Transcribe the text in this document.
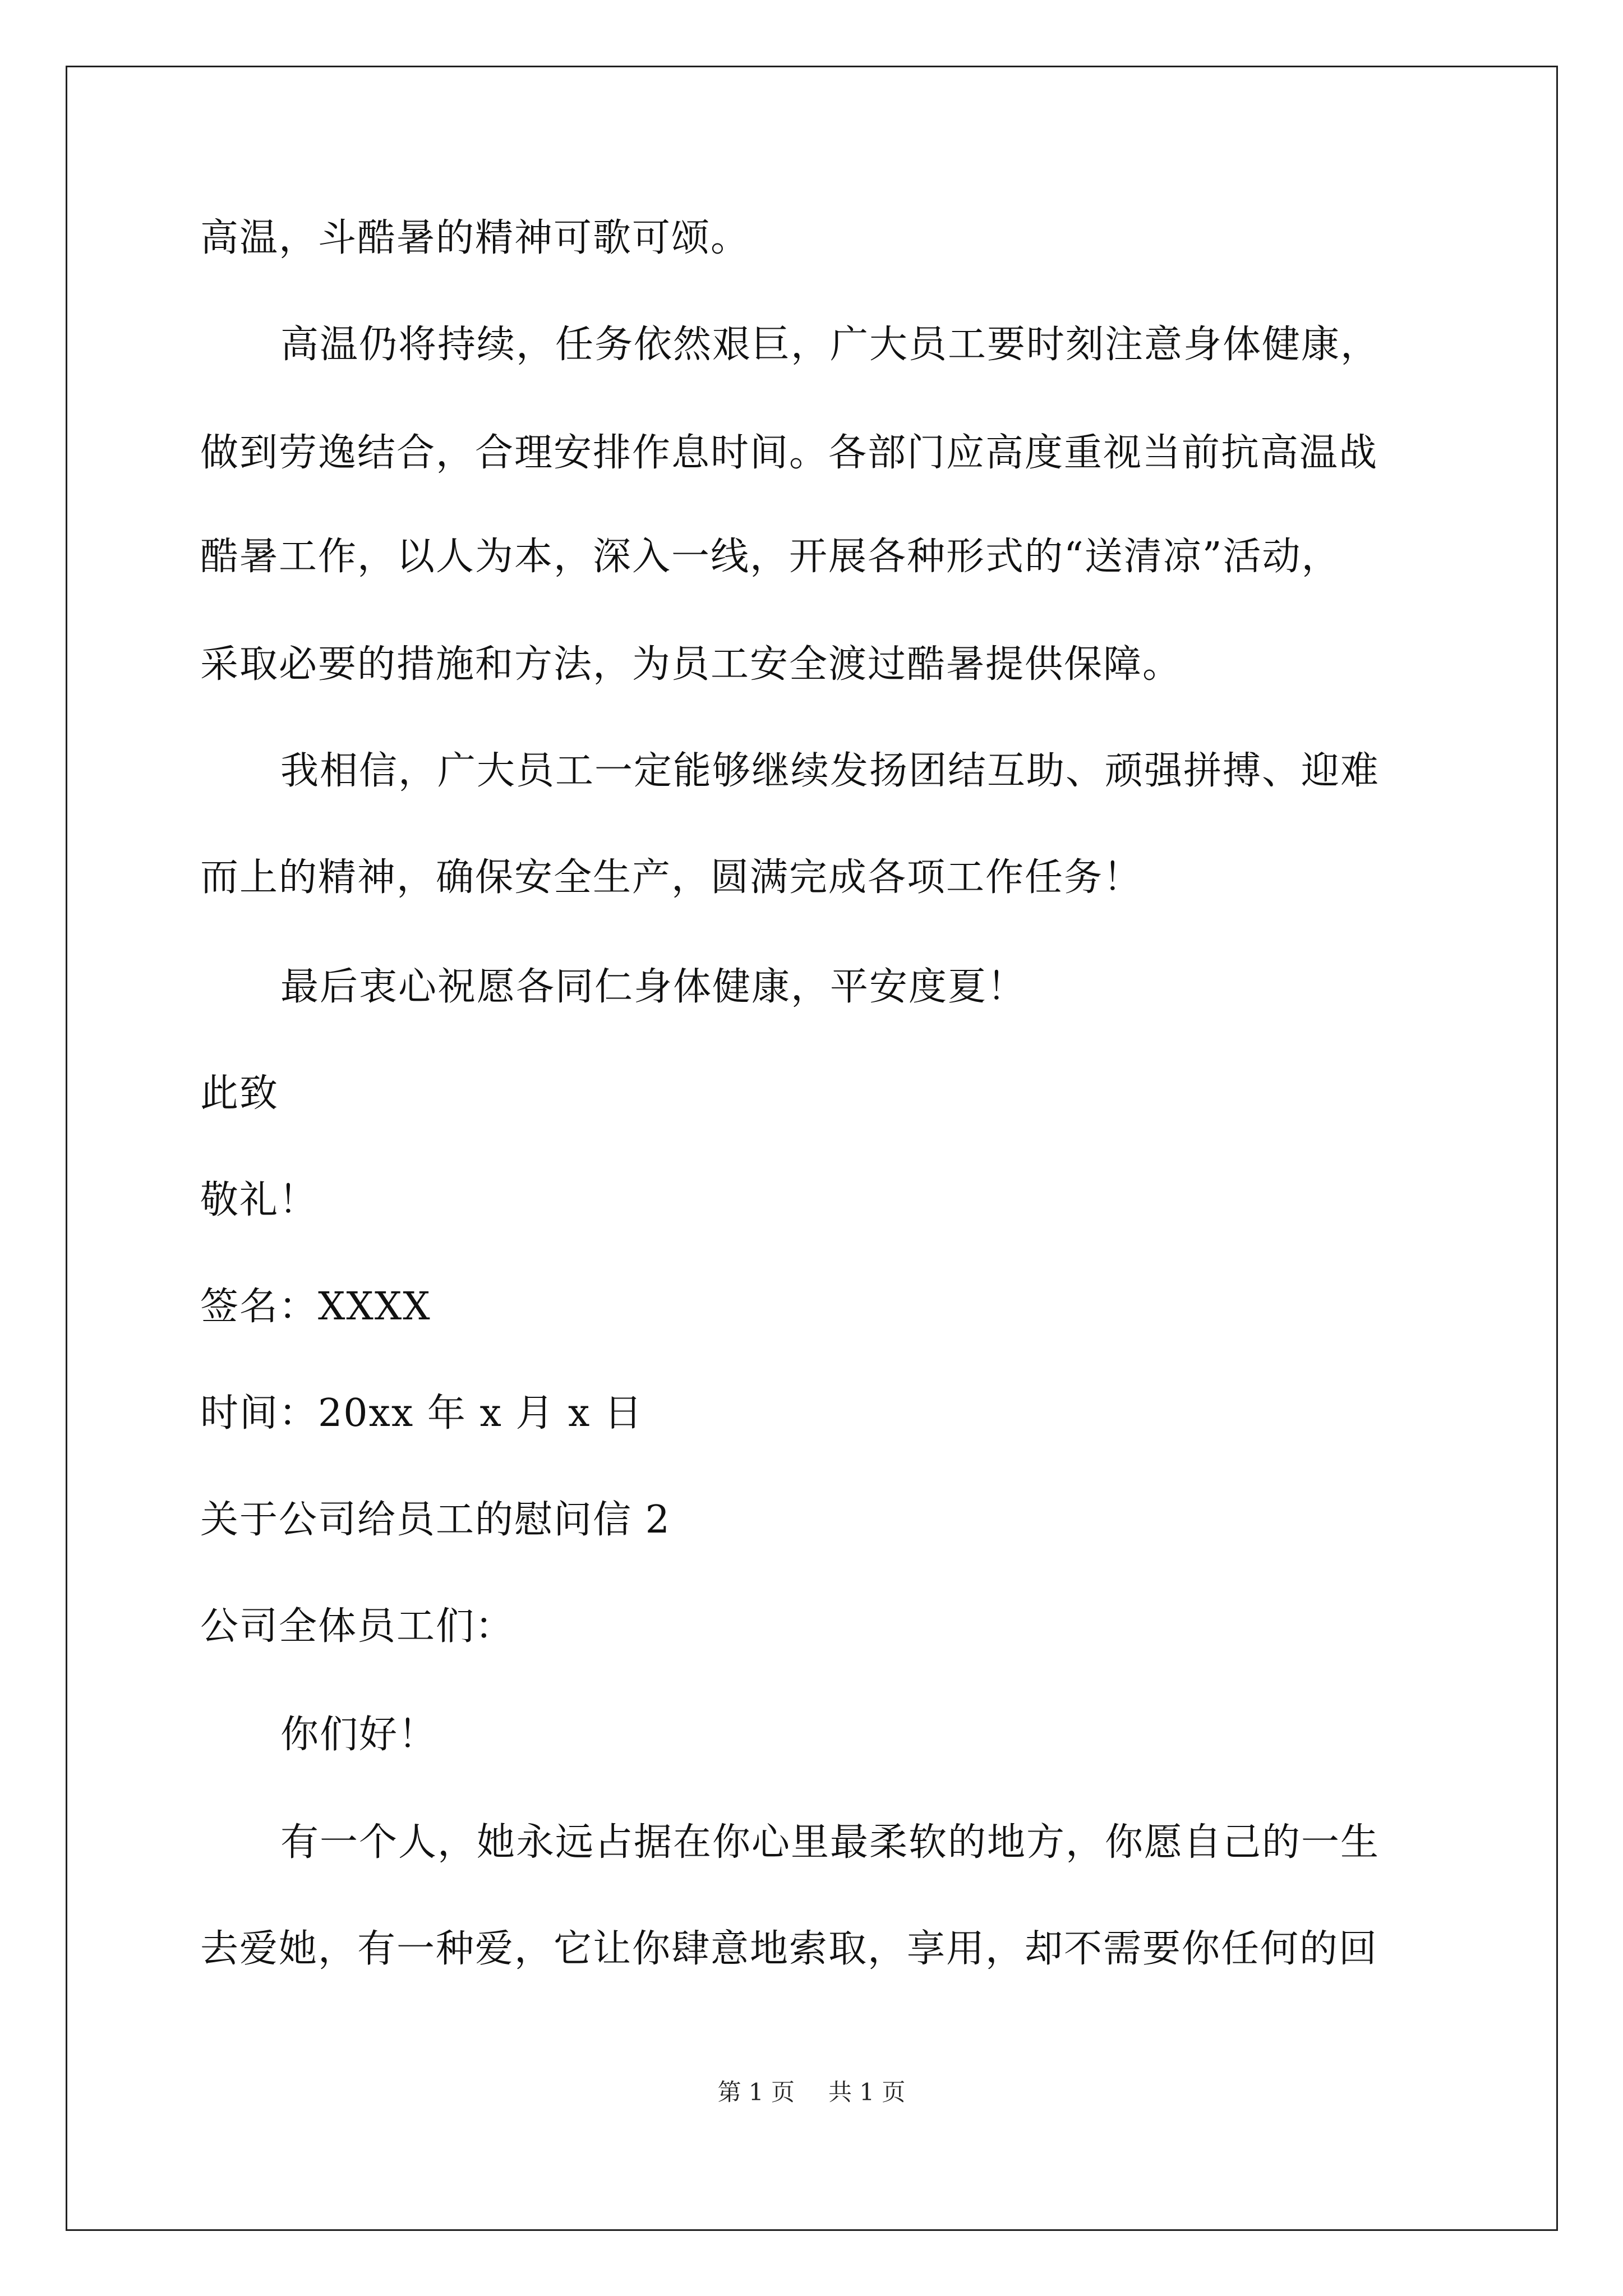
高温，斗酷暑的精神可歌可颂。
高温仍将持续，任务依然艰巨，广大员工要时刻注意身体健康，
做到劳逸结合，合理安排作息时间。各部门应高度重视当前抗高温战
酷暑工作，以人为本，深入一线，开展各种形式的“送清凉”活动，
采取必要的措施和方法，为员工安全渡过酷暑提供保障。
我相信，广大员工一定能够继续发扬团结互助、顽强拼搏、迎难
而上的精神，确保安全生产，圆满完成各项工作任务！
最后衷心祝愿各同仁身体健康，平安度夏！
此致
敬礼！
签名：XXXX
时间：20xx 年 x 月 x 日
关于公司给员工的慰问信 2
公司全体员工们：
你们好！
有一个人，她永远占据在你心里最柔软的地方，你愿自己的一生
去爱她，有一种爱，它让你肆意地索取，享用，却不需要你任何的回
第 1 页 共 1 页
